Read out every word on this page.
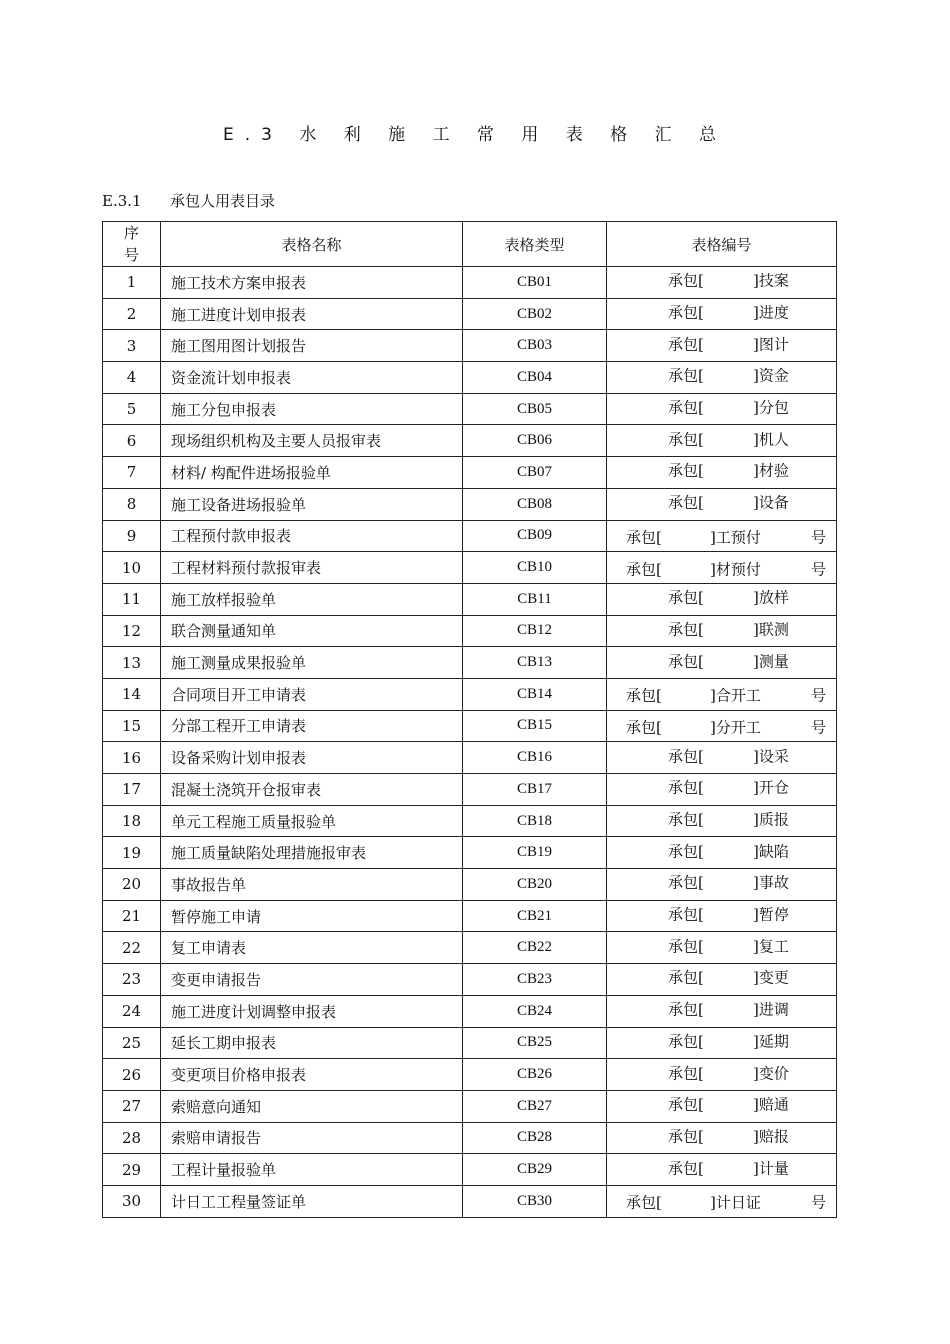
E.3 水 利 施 工 常 用 表 格 汇 总
E.3.1 承包人用表目录
序号	表格名称	表格类型	表格编号
1	施工技术方案申报表	CB01	承包[ ]技案

2	施工进度计划申报表	CB02	承包[ ]进度

3	施工图用图计划报告	CB03	承包[ ]图计

4	资金流计划申报表	CB04	承包[ ]资金

5	施工分包申报表	CB05	承包[ ]分包

6	现场组织机构及主要人员报审表	CB06	承包[ ]机人

7	材料/ 构配件进场报验单	CB07	承包[ ]材验

8	施工设备进场报验单	CB08	承包[ ]设备

9	工程预付款申报表	CB09	承包[ ]工预付 号

10	工程材料预付款报审表	CB10	承包[ ]材预付 号

11	施工放样报验单	CB11	承包[ ]放样

12	联合测量通知单	CB12	承包[ ]联测

13	施工测量成果报验单	CB13	承包[ ]测量

14	合同项目开工申请表	CB14	承包[ ]合开工 号

15	分部工程开工申请表	CB15	承包[ ]分开工 号

16	设备采购计划申报表	CB16	承包[ ]设采

17	混凝土浇筑开仓报审表	CB17	承包[ ]开仓

18	单元工程施工质量报验单	CB18	承包[ ]质报

19	施工质量缺陷处理措施报审表	CB19	承包[ ]缺陷

20	事故报告单	CB20	承包[ ]事故

21	暂停施工申请	CB21	承包[ ]暂停

22	复工申请表	CB22	承包[ ]复工

23	变更申请报告	CB23	承包[ ]变更

24	施工进度计划调整申报表	CB24	承包[ ]进调

25	延长工期申报表	CB25	承包[ ]延期

26	变更项目价格申报表	CB26	承包[ ]变价

27	索赔意向通知	CB27	承包[ ]赔通

28	索赔申请报告	CB28	承包[ ]赔报

29	工程计量报验单	CB29	承包[ ]计量

30	计日工工程量签证单	CB30	承包[ ]计日证 号
